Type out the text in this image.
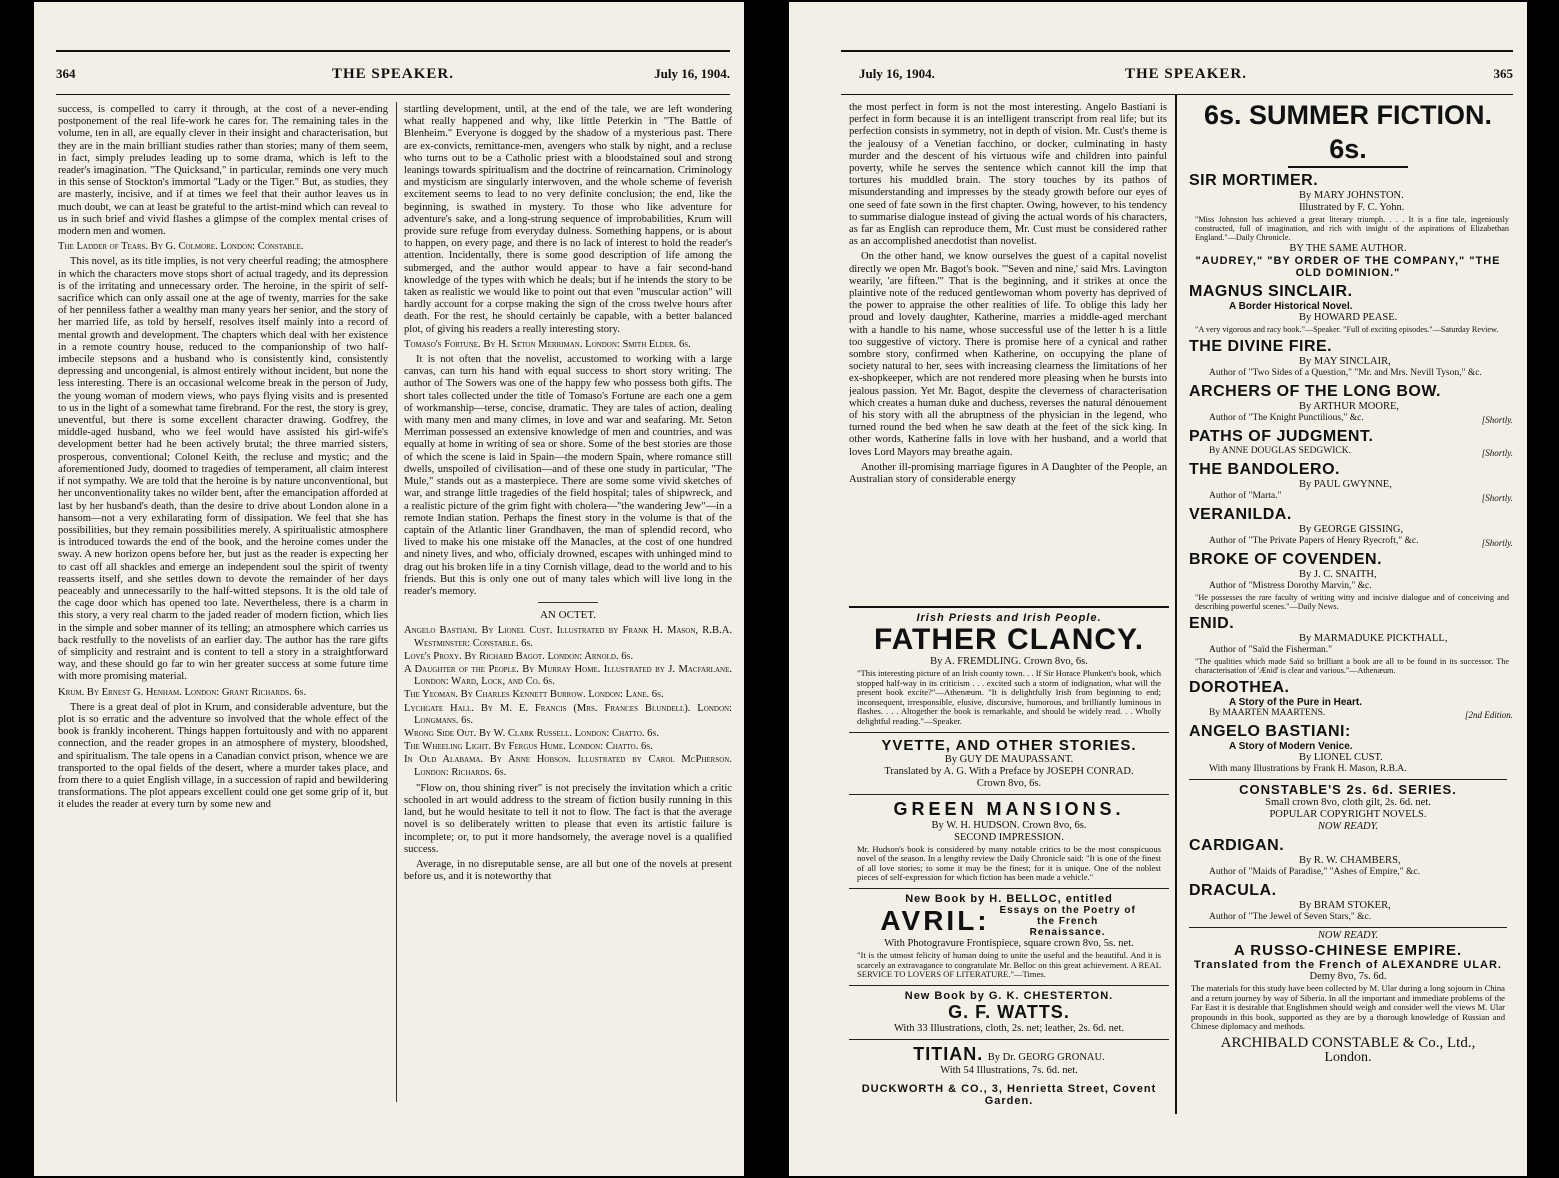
364	THE SPEAKER.	July 16, 1904.

success, is compelled to carry it through, at the cost of a never-ending postponement of the real life-work he cares for. The remaining tales in the volume, ten in all, are equally clever in their insight and characterisation, but they are in the main brilliant studies rather than stories; many of them seem, in fact, simply preludes leading up to some drama, which is left to the reader's imagination. "The Quicksand," in particular, reminds one very much in this sense of Stockton's immortal "Lady or the Tiger." But, as studies, they are masterly, incisive, and if at times we feel that their author leaves us in much doubt, we can at least be grateful to the artist-mind which can reveal to us in such brief and vivid flashes a glimpse of the complex mental crises of modern men and women.

The Ladder of Tears. By G. Colmore. London: Constable.

This novel, as its title implies, is not very cheerful reading; the atmosphere in which the characters move stops short of actual tragedy, and its depression is of the irritating and unnecessary order. The heroine, in the spirit of self-sacrifice which can only assail one at the age of twenty, marries for the sake of her penniless father a wealthy man many years her senior, and the story of her married life, as told by herself, resolves itself mainly into a record of mental growth and development. The chapters which deal with her existence in a remote country house, reduced to the companionship of two half-imbecile stepsons and a husband who is consistently kind, consistently depressing and uncongenial, is almost entirely without incident, but none the less interesting. There is an occasional welcome break in the person of Judy, the young woman of modern views, who pays flying visits and is presented to us in the light of a somewhat tame firebrand. For the rest, the story is grey, uneventful, but there is some excellent character drawing. Godfrey, the middle-aged husband, who we feel would have assisted his girl-wife's development better had he been actively brutal; the three married sisters, prosperous, conventional; Colonel Keith, the recluse and mystic; and the aforementioned Judy, doomed to tragedies of temperament, all claim interest if not sympathy. We are told that the heroine is by nature unconventional, but her unconventionality takes no wilder bent, after the emancipation afforded at last by her husband's death, than the desire to drive about London alone in a hansom—not a very exhilarating form of dissipation. We feel that she has possibilities, but they remain possibilities merely. A spiritualistic atmosphere is introduced towards the end of the book, and the heroine comes under the sway. A new horizon opens before her, but just as the reader is expecting her to cast off all shackles and emerge an independent soul the spirit of twenty reasserts itself, and she settles down to devote the remainder of her days peaceably and unnecessarily to the half-witted stepsons. It is the old tale of the cage door which has opened too late. Nevertheless, there is a charm in this story, a very real charm to the jaded reader of modern fiction, which lies in the simple and sober manner of its telling; an atmosphere which carries us back restfully to the novelists of an earlier day. The author has the rare gifts of simplicity and restraint and is content to tell a story in a straightforward way, and these should go far to win her greater success at some future time with more promising material.

Krum. By Ernest G. Henham. London: Grant Richards. 6s.

There is a great deal of plot in Krum, and considerable adventure, but the plot is so erratic and the adventure so involved that the whole effect of the book is frankly incoherent. Things happen fortuitously and with no apparent connection, and the reader gropes in an atmosphere of mystery, bloodshed, and spiritualism. The tale opens in a Canadian convict prison, whence we are transported to the opal fields of the desert, where a murder takes place, and from there to a quiet English village, in a succession of rapid and bewildering transformations. The plot appears excellent could one get some grip of it, but it eludes the reader at every turn by some new and

startling development, until, at the end of the tale, we are left wondering what really happened and why, like little Peterkin in "The Battle of Blenheim." Everyone is dogged by the shadow of a mysterious past. There are ex-convicts, remittance-men, avengers who stalk by night, and a recluse who turns out to be a Catholic priest with a bloodstained soul and strong leanings towards spiritualism and the doctrine of reincarnation. Criminology and mysticism are singularly interwoven, and the whole scheme of feverish excitement seems to lead to no very definite conclusion; the end, like the beginning, is swathed in mystery. To those who like adventure for adventure's sake, and a long-strung sequence of improbabilities, Krum will provide sure refuge from everyday dulness. Something happens, or is about to happen, on every page, and there is no lack of interest to hold the reader's attention. Incidentally, there is some good description of life among the submerged, and the author would appear to have a fair second-hand knowledge of the types with which he deals; but if he intends the story to be taken as realistic we would like to point out that even "muscular action" will hardly account for a corpse making the sign of the cross twelve hours after death. For the rest, he should certainly be capable, with a better balanced plot, of giving his readers a really interesting story.

Tomaso's Fortune. By H. Seton Merriman. London: Smith Elder. 6s.

It is not often that the novelist, accustomed to working with a large canvas, can turn his hand with equal success to short story writing. The author of The Sowers was one of the happy few who possess both gifts. The short tales collected under the title of Tomaso's Fortune are each one a gem of workmanship—terse, concise, dramatic. They are tales of action, dealing with many men and many climes, in love and war and seafaring. Mr. Seton Merriman possessed an extensive knowledge of men and countries, and was equally at home in writing of sea or shore. Some of the best stories are those of which the scene is laid in Spain—the modern Spain, where romance still dwells, unspoiled of civilisation—and of these one study in particular, "The Mule," stands out as a masterpiece. There are some some vivid sketches of war, and strange little tragedies of the field hospital; tales of shipwreck, and a realistic picture of the grim fight with cholera—"the wandering Jew"—in a remote Indian station. Perhaps the finest story in the volume is that of the captain of the Atlantic liner Grandhaven, the man of splendid record, who lived to make his one mistake off the Manacles, at the cost of one hundred and ninety lives, and who, officialy drowned, escapes with unhinged mind to drag out his broken life in a tiny Cornish village, dead to the world and to his friends. But this is only one out of many tales which will live long in the reader's memory.

AN OCTET.
Angelo Bastiani. By Lionel Cust. Illustrated by Frank H. Mason, R.B.A. Westminster: Constable. 6s.
Love's Proxy. By Richard Bagot. London: Arnold. 6s.
A Daughter of the People. By Murray Home. Illustrated by J. Macfarlane. London: Ward, Lock, and Co. 6s.
The Yeoman. By Charles Kennett Burrow. London: Lane. 6s.
Lychgate Hall. By M. E. Francis (Mrs. Frances Blundell). London: Longmans. 6s.
Wrong Side Out. By W. Clark Russell. London: Chatto. 6s.
The Wheeling Light. By Fergus Hume. London: Chatto. 6s.
In Old Alabama. By Anne Hobson. Illustrated by Carol McPherson. London: Richards. 6s.

"Flow on, thou shining river" is not precisely the invitation which a critic schooled in art would address to the stream of fiction busily running in this land, but he would hesitate to tell it not to flow. The fact is that the average novel is so deliberately written to please that even its artistic failure is incomplete; or, to put it more handsomely, the average novel is a qualified success.

Average, in no disreputable sense, are all but one of the novels at present before us, and it is noteworthy that

July 16, 1904.	THE SPEAKER.	365

the most perfect in form is not the most interesting. Angelo Bastiani is perfect in form because it is an intelligent transcript from real life; but its perfection consists in symmetry, not in depth of vision. Mr. Cust's theme is the jealousy of a Venetian facchino, or docker, culminating in hasty murder and the descent of his virtuous wife and children into painful poverty, while he serves the sentence which cannot kill the imp that tortures his muddled brain. The story touches by its pathos of misunderstanding and impresses by the steady growth before our eyes of one seed of fate sown in the first chapter. Owing, however, to his tendency to summarise dialogue instead of giving the actual words of his characters, as far as English can reproduce them, Mr. Cust must be considered rather as an accomplished anecdotist than novelist.

On the other hand, we know ourselves the guest of a capital novelist directly we open Mr. Bagot's book. "'Seven and nine,' said Mrs. Lavington wearily, 'are fifteen.'" That is the beginning, and it strikes at once the plaintive note of the reduced gentlewoman whom poverty has deprived of the power to appraise the other realities of life. To oblige this lady her proud and lovely daughter, Katherine, marries a middle-aged merchant with a handle to his name, whose successful use of the letter h is a little too suggestive of victory. There is promise here of a cynical and rather sombre story, confirmed when Katherine, on occupying the plane of society natural to her, sees with increasing clearness the limitations of her ex-shopkeeper, which are not rendered more pleasing when he bursts into jealous passion. Yet Mr. Bagot, despite the cleverness of characterisation which creates a human duke and duchess, reverses the natural dénouement of his story with all the abruptness of the physician in the legend, who turned round the bed when he saw death at the feet of the sick king. In other words, Katherine falls in love with her husband, and a world that loves Lord Mayors may breathe again.

Another ill-promising marriage figures in A Daughter of the People, an Australian story of considerable energy

Irish Priests and Irish People.
FATHER CLANCY.
By A. FREMDLING. Crown 8vo, 6s.
"This interesting picture of an Irish county town. . . If Sir Horace Plunkett's book, which stopped half-way in its criticism . . . excited such a storm of indignation, what will the present book excite?"—Athenæum. "It is delightfully Irish from beginning to end; inconsequent, irresponsible, elusive, discursive, humorous, and brilliantly luminous in flashes. . . . Altogether the book is remarkable, and should be widely read. . . Wholly delightful reading."—Speaker.
YVETTE, AND OTHER STORIES.
By GUY DE MAUPASSANT.
Translated by A. G. With a Preface by JOSEPH CONRAD.
Crown 8vo, 6s.
GREEN MANSIONS.
By W. H. HUDSON. Crown 8vo, 6s.
SECOND IMPRESSION.
Mr. Hudson's book is considered by many notable critics to be the most conspicuous novel of the season. In a lengthy review the Daily Chronicle said: "It is one of the finest of all love stories; to some it may be the finest; for it is unique. One of the noblest pieces of self-expression for which fiction has been made a vehicle."
New Book by H. BELLOC, entitled
AVRIL: Essays on the Poetry of the French Renaissance.
With Photogravure Frontispiece, square crown 8vo, 5s. net.
"It is the utmost felicity of human doing to unite the useful and the beautiful. And it is scarcely an extravagance to congratulate Mr. Belloc on this great achievement. A REAL SERVICE TO LOVERS OF LITERATURE."—Times.
New Book by G. K. CHESTERTON.
G. F. WATTS.
With 33 Illustrations, cloth, 2s. net; leather, 2s. 6d. net.
TITIAN. By Dr. GEORG GRONAU.
With 54 Illustrations, 7s. 6d. net.
DUCKWORTH & CO., 3, Henrietta Street, Covent Garden.
6s. SUMMER FICTION. 6s.
SIR MORTIMER.
By MARY JOHNSTON.
Illustrated by F. C. Yohn.
"Miss Johnston has achieved a great literary triumph. . . . It is a fine tale, ingeniously constructed, full of imagination, and rich with insight of the aspirations of Elizabethan England."—Daily Chronicle.
BY THE SAME AUTHOR.
"AUDREY," "BY ORDER OF THE COMPANY," "THE OLD DOMINION."
MAGNUS SINCLAIR.
A Border Historical Novel.
By HOWARD PEASE.
"A very vigorous and racy book."—Speaker. "Full of exciting episodes."—Saturday Review.
THE DIVINE FIRE.
By MAY SINCLAIR,
Author of "Two Sides of a Question," "Mr. and Mrs. Nevill Tyson," &c.
ARCHERS OF THE LONG BOW.
By ARTHUR MOORE,
[Shortly.
Author of "The Knight Punctilious," &c.
PATHS OF JUDGMENT.
[Shortly.
By ANNE DOUGLAS SEDGWICK.
THE BANDOLERO.
By PAUL GWYNNE,
[Shortly.
Author of "Marta."
VERANILDA.
By GEORGE GISSING,
[Shortly.
Author of "The Private Papers of Henry Ryecroft," &c.
BROKE OF COVENDEN.
By J. C. SNAITH,
Author of "Mistress Dorothy Marvin," &c.
"He possesses the rare faculty of writing witty and incisive dialogue and of conceiving and describing powerful scenes."—Daily News.
ENID.
By MARMADUKE PICKTHALL,
Author of "Saïd the Fisherman."
"The qualities which made Saïd so brilliant a book are all to be found in its successor. The characterisation of 'Ænid' is clear and various."—Athenæum.
DOROTHEA.
A Story of the Pure in Heart.
[2nd Edition.
By MAARTEN MAARTENS.
ANGELO BASTIANI:
A Story of Modern Venice.
By LIONEL CUST.
With many Illustrations by Frank H. Mason, R.B.A.
CONSTABLE'S 2s. 6d. SERIES.
Small crown 8vo, cloth gilt, 2s. 6d. net.
POPULAR COPYRIGHT NOVELS.
NOW READY.
CARDIGAN.
By R. W. CHAMBERS,
Author of "Maids of Paradise," "Ashes of Empire," &c.
DRACULA.
By BRAM STOKER,
Author of "The Jewel of Seven Stars," &c.
NOW READY.
A RUSSO-CHINESE EMPIRE.
Translated from the French of ALEXANDRE ULAR.
Demy 8vo, 7s. 6d.
The materials for this study have been collected by M. Ular during a long sojourn in China and a return journey by way of Siberia. In all the important and immediate problems of the Far East it is desirable that Englishmen should weigh and consider well the views M. Ular propounds in this book, supported as they are by a thorough knowledge of Russian and Chinese diplomacy and methods.
ARCHIBALD CONSTABLE & Co., Ltd.,
London.
